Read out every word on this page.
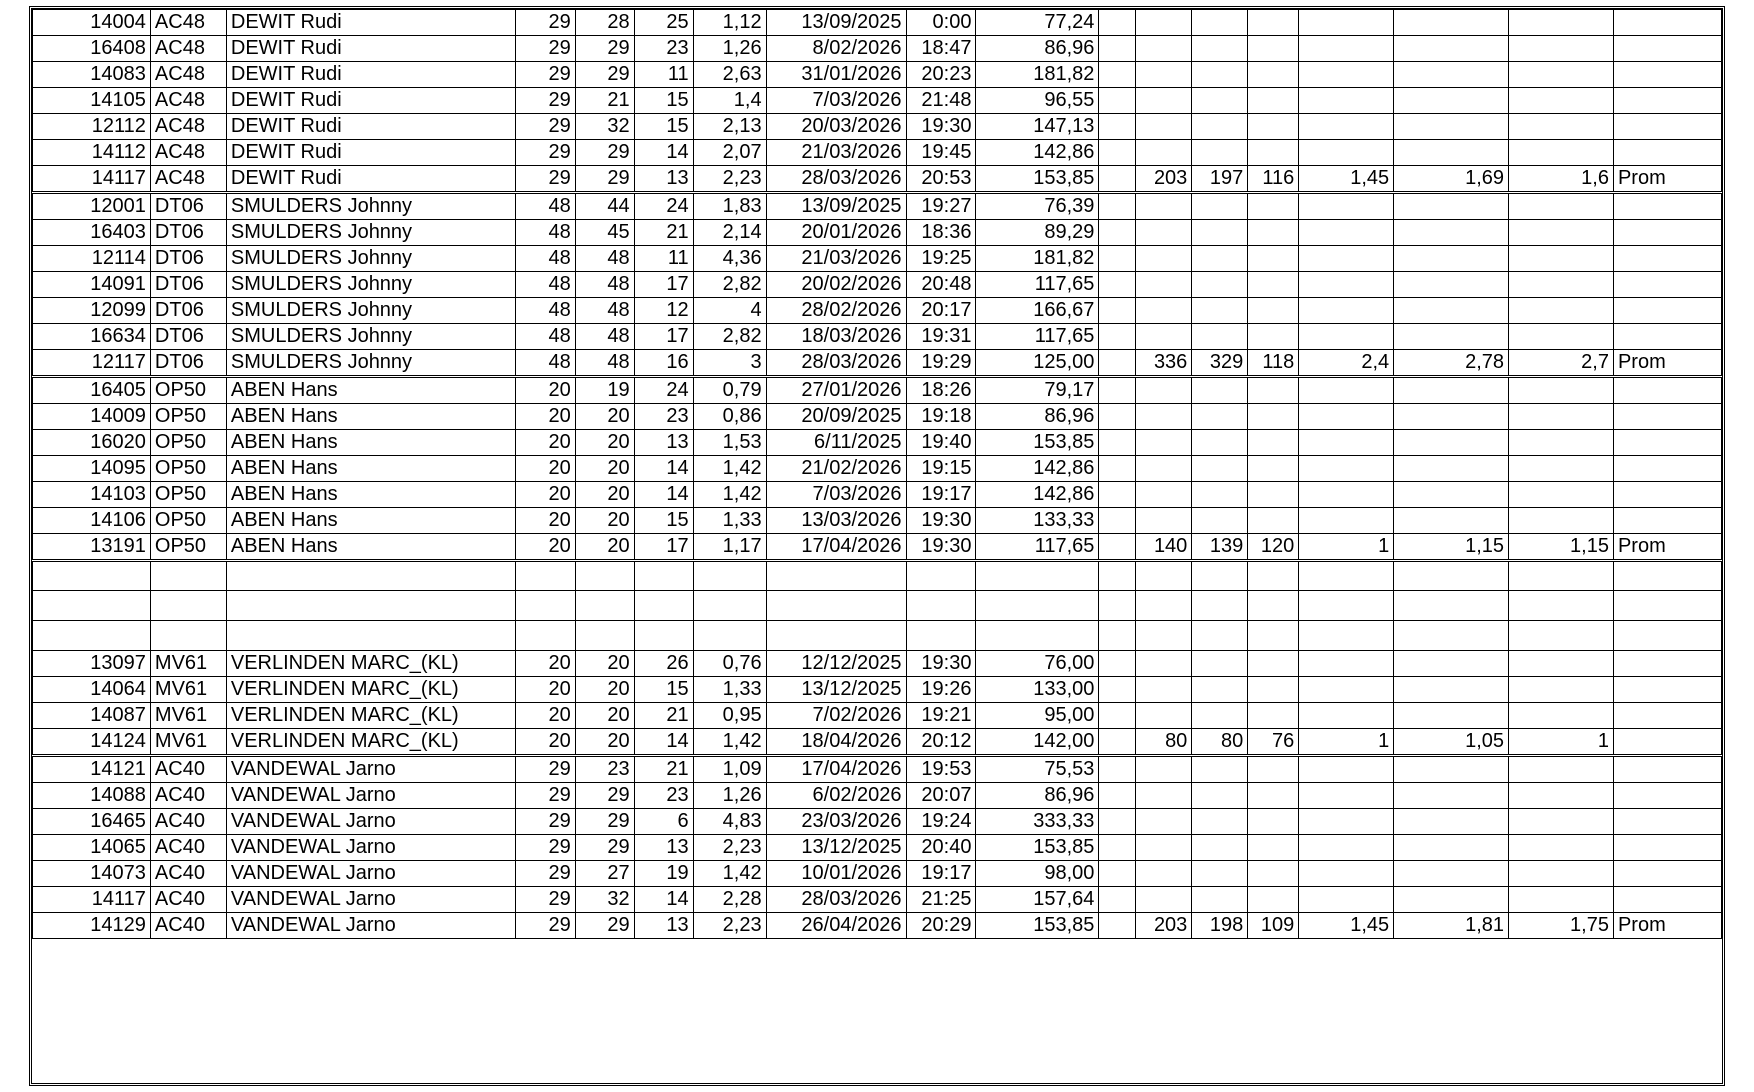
14004	AC48	DEWIT Rudi	29	28	25	1,12	13/09/2025	0:00	77,24								
16408	AC48	DEWIT Rudi	29	29	23	1,26	8/02/2026	18:47	86,96								
14083	AC48	DEWIT Rudi	29	29	11	2,63	31/01/2026	20:23	181,82								
14105	AC48	DEWIT Rudi	29	21	15	1,4	7/03/2026	21:48	96,55								
12112	AC48	DEWIT Rudi	29	32	15	2,13	20/03/2026	19:30	147,13								
14112	AC48	DEWIT Rudi	29	29	14	2,07	21/03/2026	19:45	142,86								
14117	AC48	DEWIT Rudi	29	29	13	2,23	28/03/2026	20:53	153,85		203	197	116	1,45	1,69	1,6	Prom
12001	DT06	SMULDERS Johnny	48	44	24	1,83	13/09/2025	19:27	76,39								
16403	DT06	SMULDERS Johnny	48	45	21	2,14	20/01/2026	18:36	89,29								
12114	DT06	SMULDERS Johnny	48	48	11	4,36	21/03/2026	19:25	181,82								
14091	DT06	SMULDERS Johnny	48	48	17	2,82	20/02/2026	20:48	117,65								
12099	DT06	SMULDERS Johnny	48	48	12	4	28/02/2026	20:17	166,67								
16634	DT06	SMULDERS Johnny	48	48	17	2,82	18/03/2026	19:31	117,65								
12117	DT06	SMULDERS Johnny	48	48	16	3	28/03/2026	19:29	125,00		336	329	118	2,4	2,78	2,7	Prom
16405	OP50	ABEN Hans	20	19	24	0,79	27/01/2026	18:26	79,17								
14009	OP50	ABEN Hans	20	20	23	0,86	20/09/2025	19:18	86,96								
16020	OP50	ABEN Hans	20	20	13	1,53	6/11/2025	19:40	153,85								
14095	OP50	ABEN Hans	20	20	14	1,42	21/02/2026	19:15	142,86								
14103	OP50	ABEN Hans	20	20	14	1,42	7/03/2026	19:17	142,86								
14106	OP50	ABEN Hans	20	20	15	1,33	13/03/2026	19:30	133,33								
13191	OP50	ABEN Hans	20	20	17	1,17	17/04/2026	19:30	117,65		140	139	120	1	1,15	1,15	Prom

13097	MV61	VERLINDEN MARC_(KL)	20	20	26	0,76	12/12/2025	19:30	76,00								
14064	MV61	VERLINDEN MARC_(KL)	20	20	15	1,33	13/12/2025	19:26	133,00								
14087	MV61	VERLINDEN MARC_(KL)	20	20	21	0,95	7/02/2026	19:21	95,00								
14124	MV61	VERLINDEN MARC_(KL)	20	20	14	1,42	18/04/2026	20:12	142,00		80	80	76	1	1,05	1	
14121	AC40	VANDEWAL Jarno	29	23	21	1,09	17/04/2026	19:53	75,53								
14088	AC40	VANDEWAL Jarno	29	29	23	1,26	6/02/2026	20:07	86,96								
16465	AC40	VANDEWAL Jarno	29	29	6	4,83	23/03/2026	19:24	333,33								
14065	AC40	VANDEWAL Jarno	29	29	13	2,23	13/12/2025	20:40	153,85								
14073	AC40	VANDEWAL Jarno	29	27	19	1,42	10/01/2026	19:17	98,00								
14117	AC40	VANDEWAL Jarno	29	32	14	2,28	28/03/2026	21:25	157,64								
14129	AC40	VANDEWAL Jarno	29	29	13	2,23	26/04/2026	20:29	153,85		203	198	109	1,45	1,81	1,75	Prom
